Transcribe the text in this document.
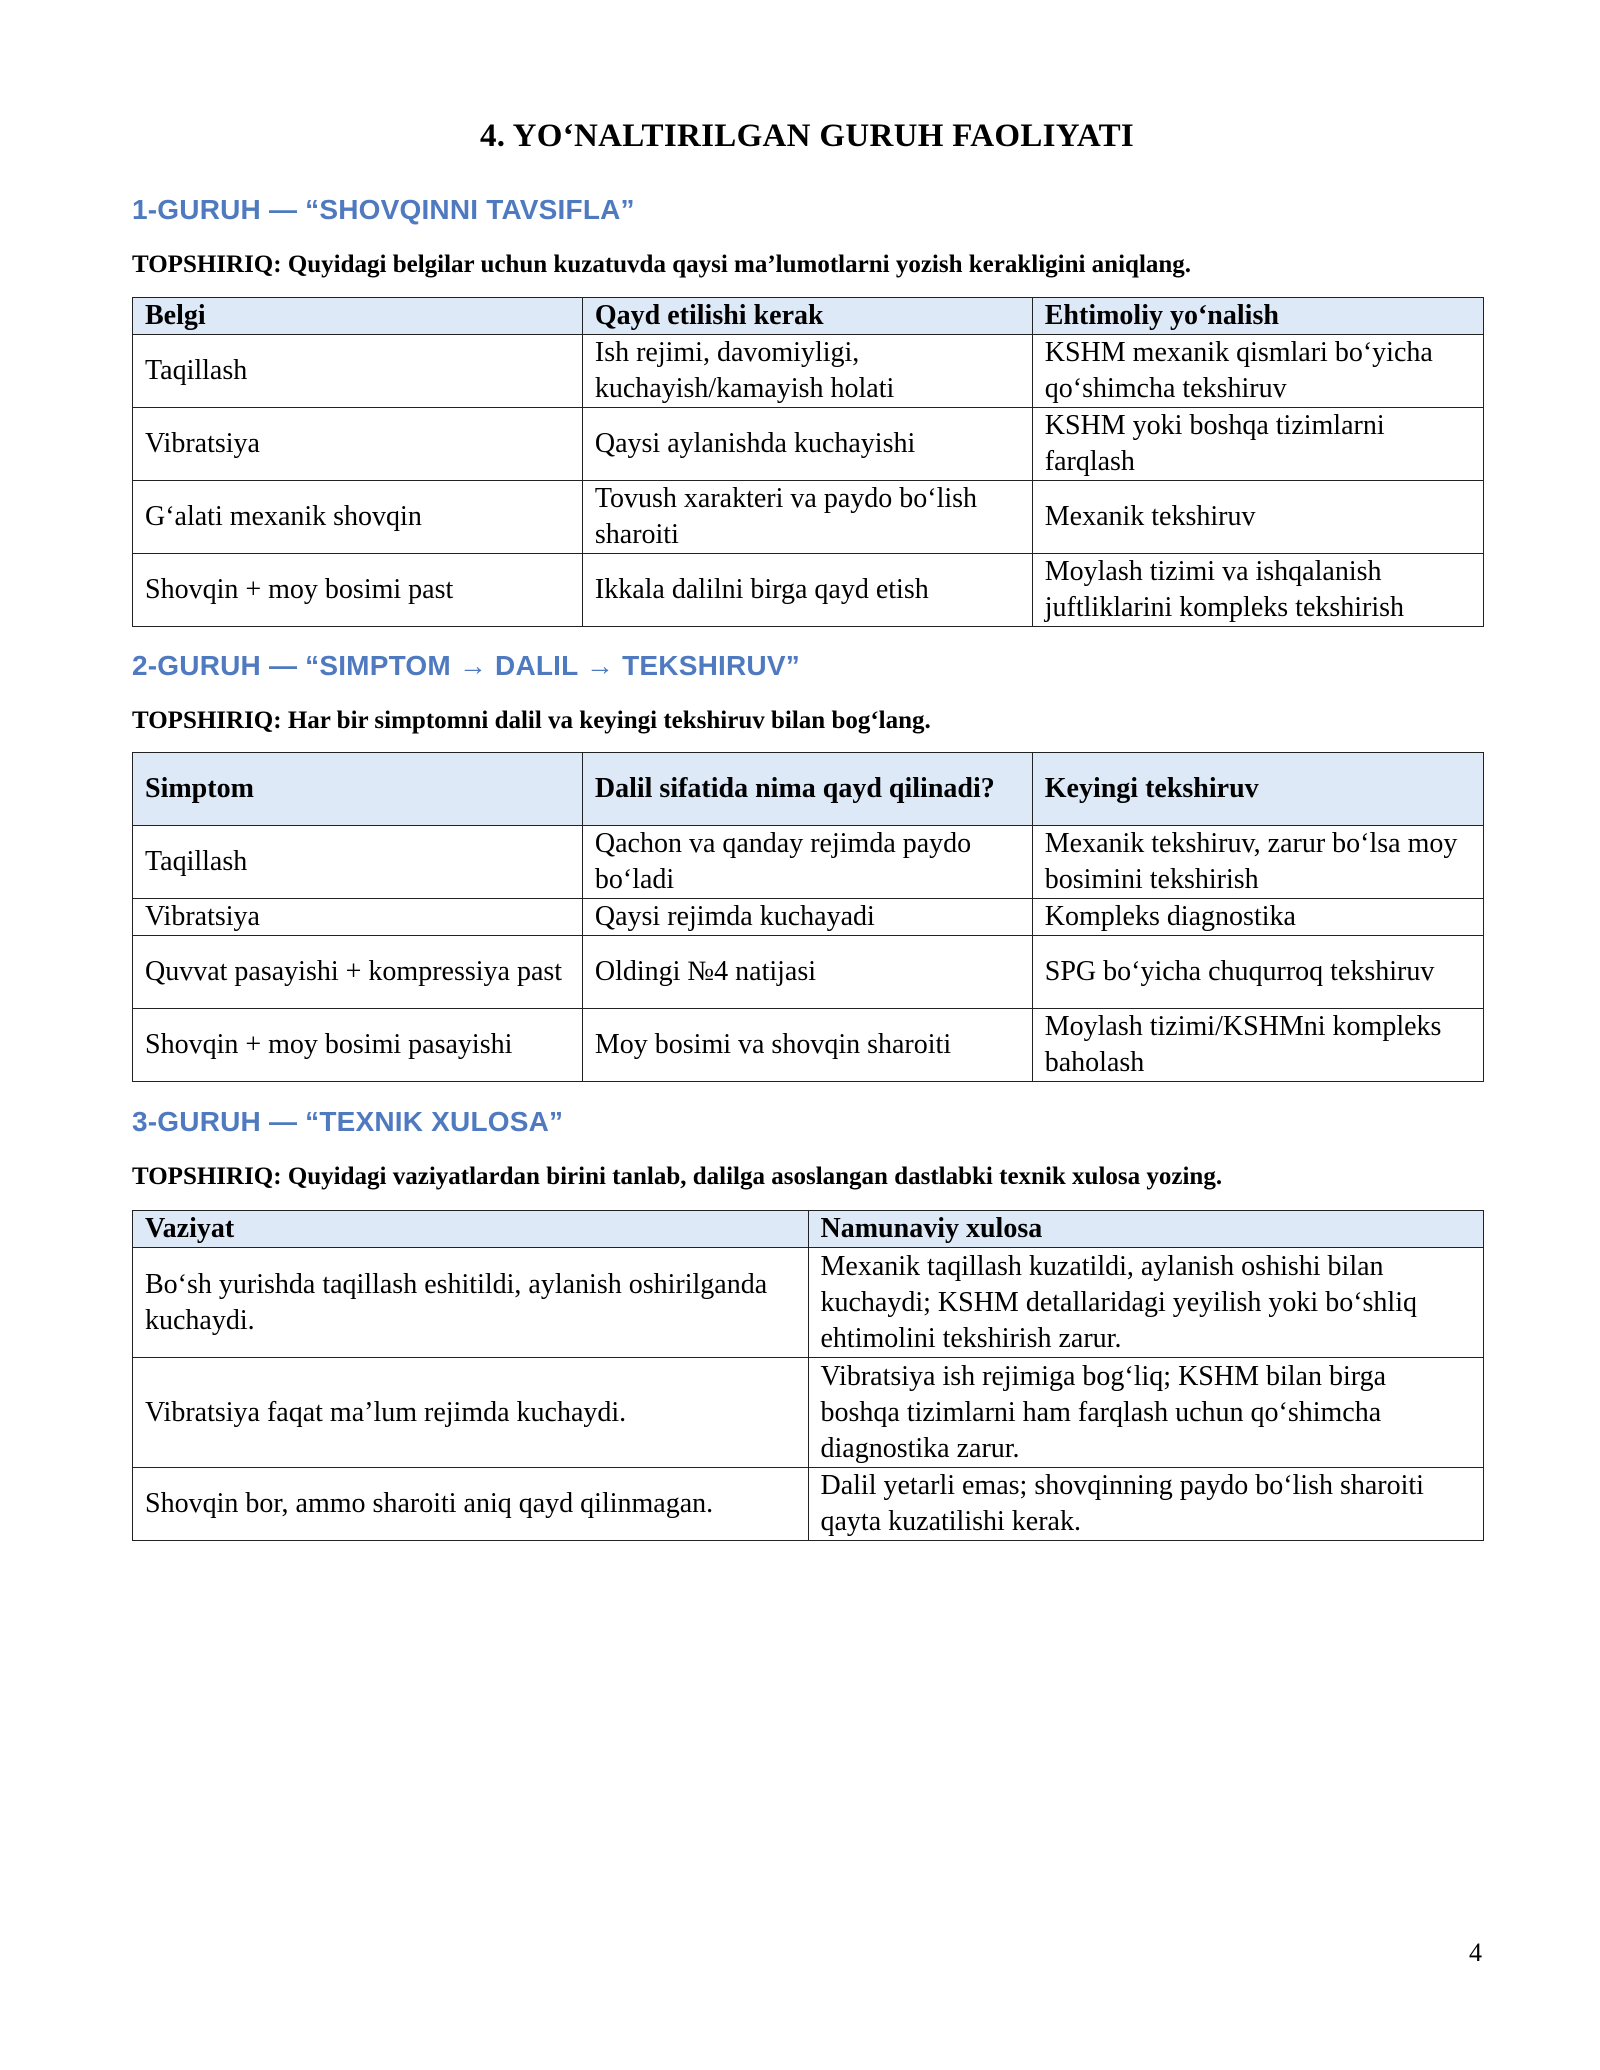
4. YO‘NALTIRILGAN GURUH FAOLIYATI
1-GURUH — “SHOVQINNI TAVSIFLA”
TOPSHIRIQ: Quyidagi belgilar uchun kuzatuvda qaysi ma’lumotlarni yozish kerakligini aniqlang.
Belgi	Qayd etilishi kerak	Ehtimoliy yo‘nalish
Taqillash	Ish rejimi, davomiyligi, kuchayish/kamayish holati	KSHM mexanik qismlari bo‘yicha qo‘shimcha tekshiruv
Vibratsiya	Qaysi aylanishda kuchayishi	KSHM yoki boshqa tizimlarni farqlash
G‘alati mexanik shovqin	Tovush xarakteri va paydo bo‘lish sharoiti	Mexanik tekshiruv
Shovqin + moy bosimi past	Ikkala dalilni birga qayd etish	Moylash tizimi va ishqalanish juftliklarini kompleks tekshirish
2-GURUH — “SIMPTOM → DALIL → TEKSHIRUV”
TOPSHIRIQ: Har bir simptomni dalil va keyingi tekshiruv bilan bog‘lang.
Simptom	Dalil sifatida nima qayd qilinadi?	Keyingi tekshiruv
Taqillash	Qachon va qanday rejimda paydo bo‘ladi	Mexanik tekshiruv, zarur bo‘lsa moy bosimini tekshirish
Vibratsiya	Qaysi rejimda kuchayadi	Kompleks diagnostika
Quvvat pasayishi + kompressiya past	Oldingi №4 natijasi	SPG bo‘yicha chuqurroq tekshiruv
Shovqin + moy bosimi pasayishi	Moy bosimi va shovqin sharoiti	Moylash tizimi/KSHMni kompleks baholash
3-GURUH — “TEXNIK XULOSA”
TOPSHIRIQ: Quyidagi vaziyatlardan birini tanlab, dalilga asoslangan dastlabki texnik xulosa yozing.
Vaziyat	Namunaviy xulosa
Bo‘sh yurishda taqillash eshitildi, aylanish oshirilganda kuchaydi.	Mexanik taqillash kuzatildi, aylanish oshishi bilan kuchaydi; KSHM detallaridagi yeyilish yoki bo‘shliq ehtimolini tekshirish zarur.
Vibratsiya faqat ma’lum rejimda kuchaydi.	Vibratsiya ish rejimiga bog‘liq; KSHM bilan birga boshqa tizimlarni ham farqlash uchun qo‘shimcha diagnostika zarur.
Shovqin bor, ammo sharoiti aniq qayd qilinmagan.	Dalil yetarli emas; shovqinning paydo bo‘lish sharoiti qayta kuzatilishi kerak.
4
